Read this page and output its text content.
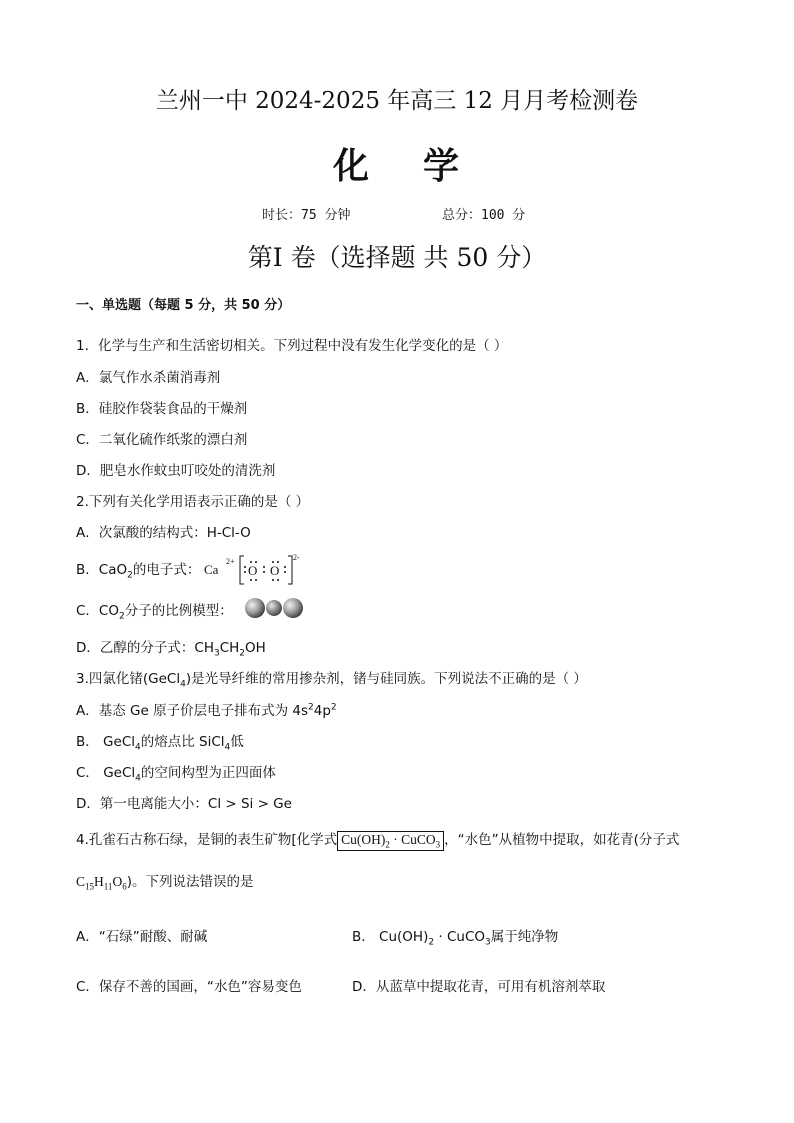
兰州一中 2024-2025 年高三 12 月月考检测卷
化 学
时长：75 分钟	总分：100 分
第Ⅰ 卷（选择题 共 50 分）
一、单选题（每题 5 分，共 50 分）
1．化学与生产和生活密切相关。下列过程中没有发生化学变化的是（ ）
A．氯气作水杀菌消毒剂
B．硅胶作袋装食品的干燥剂
C．二氧化硫作纸浆的漂白剂
D．肥皂水作蚊虫叮咬处的清洗剂
2.下列有关化学用语表示正确的是（ ）
A．次氯酸的结构式：H-Cl-O
B．CaO$_2$的电子式： Ca
2+
O O
2-
C．$CO_2$分子的比例模型：
D．乙醇的分子式：$CH_3CH_2OH$
3.四氯化锗(GeCl$_4$)是光导纤维的常用掺杂剂，锗与硅同族。下列说法不正确的是（ ）
A．基态 Ge 原子价层电子排布式为 $4s^24p^2$
B． GeCl$_4$的熔点比 SiCl$_4$低
C． GeCl$_4$的空间构型为正四面体
D．第一电离能大小：Cl > Si > Ge
4.孔雀石古称石绿，是铜的表生矿物[化学式 $Cu(OH)_2$ · CuCO$_3$ ，“水色”从植物中提取，如花青(分子式
$C_{15}H_{11}O_6$)。下列说法错误的是
A．“石绿”耐酸、耐碱	B． $Cu(OH)_2$ · CuCO$_3$属于纯净物
C．保存不善的国画，“水色”容易变色	D．从蓝草中提取花青，可用有机溶剂萃取
